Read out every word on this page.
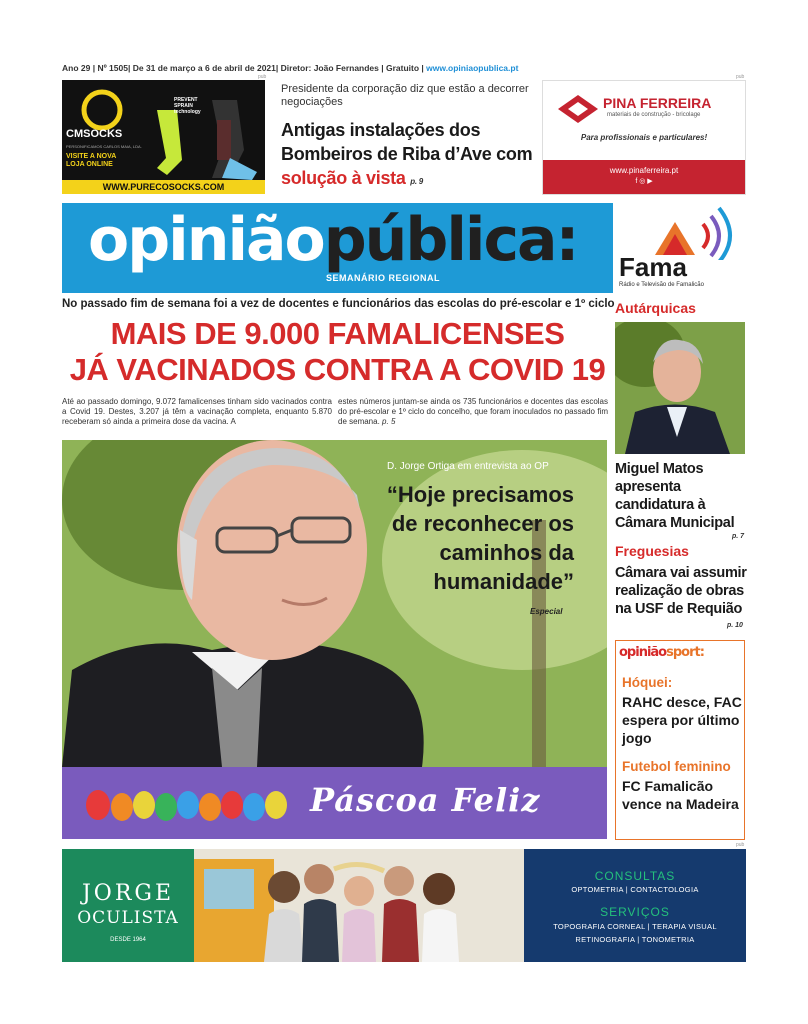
Ano 29 | Nº 1505| De 31 de março a 6 de abril de 2021| Diretor: João Fernandes | Gratuito | www.opiniaopublica.pt
pub	pub
PREVENT SPRAIN technology
CMSOCKS
PERSONIFICAMOS CARLOS MAIA, LDA.
VISITE A NOVA LOJA ONLINE
WWW.PURECOSOCKS.COM
Presidente da corporação diz que estão a decorrer negociações
Antigas instalações dos Bombeiros de Riba d’Ave com solução à vista p. 9
PINA FERREIRA
materiais de construção - bricolage
Para profissionais e particulares!
www.pinaferreira.pt
f ◎ ▶
opiniãopública:
SEMANÁRIO REGIONAL	Fama
Rádio e Televisão de Famalicão
No passado fim de semana foi a vez de docentes e funcionários das escolas do pré-escolar e 1º ciclo
MAIS DE 9.000 FAMALICENSES
JÁ VACINADOS CONTRA A COVID 19
Até ao passado domingo, 9.072 famalicenses tinham sido vacinados contra a Covid 19. Destes, 3.207 já têm a vacinação completa, enquanto 5.870 receberam só ainda a primeira dose da vacina. A
estes números juntam-se ainda os 735 funcionários e docentes das escolas do pré-escolar e 1º ciclo do concelho, que foram inoculados no passado fim de semana. p. 5
D. Jorge Ortiga em entrevista ao OP
“Hoje precisamos de reconhecer os caminhos da humanidade”
Especial
Páscoa Feliz
Autárquicas
Miguel Matos apresenta candidatura à Câmara Municipal
p. 7
Freguesias
Câmara vai assumir realização de obras na USF de Requião
p. 10
opiniãosport:
Hóquei:
RAHC desce, FAC espera por último jogo
Futebol feminino
FC Famalicão vence na Madeira
pub
JORGE
OCULISTA
DESDE 1964
CONSULTAS
OPTOMETRIA | CONTACTOLOGIA
SERVIÇOS
TOPOGRAFIA CORNEAL | TERAPIA VISUAL
RETINOGRAFIA | TONOMETRIA
